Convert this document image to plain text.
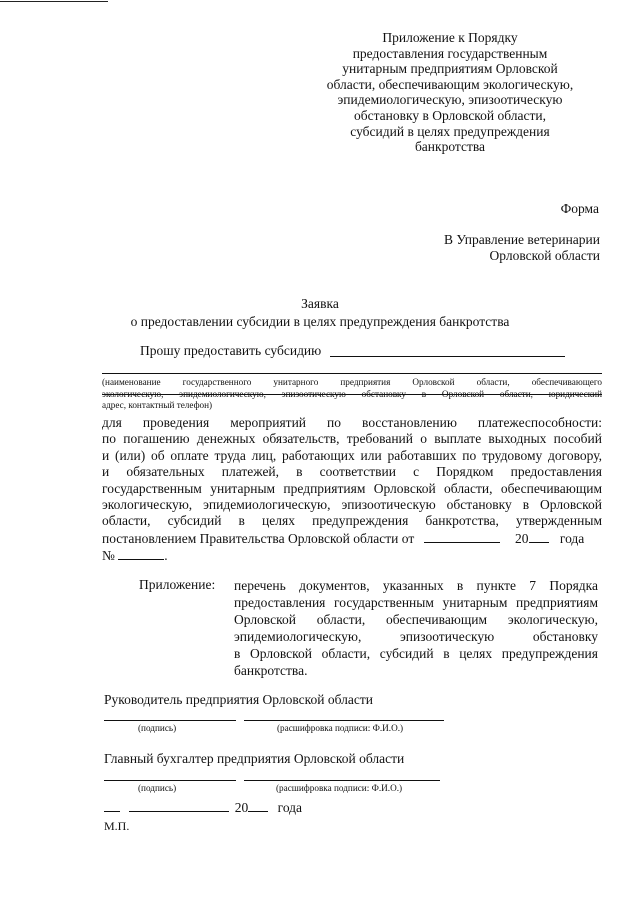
Приложение к Порядку
предоставления государственным
унитарным предприятиям Орловской
области, обеспечивающим экологическую,
эпидемиологическую, эпизоотическую
обстановку в Орловской области,
субсидий в целях предупреждения
банкротства
Форма
В Управление ветеринарии
Орловской области
Заявка
о предоставлении субсидии в целях предупреждения банкротства
Прошу предоставить субсидию
(наименование государственного унитарного предприятия Орловской области, обеспечивающего
экологическую, эпидемиологическую, эпизоотическую обстановку в Орловской области, юридический
адрес, контактный телефон)
для проведения мероприятий по восстановлению платежеспособности:
по погашению денежных обязательств, требований о выплате выходных пособий
и (или) об оплате труда лиц, работающих или работавших по трудовому договору,
и обязательных платежей, в соответствии с Порядком предоставления
государственным унитарным предприятиям Орловской области, обеспечивающим
экологическую, эпидемиологическую, эпизоотическую обстановку в Орловской
области, субсидий в целях предупреждения банкротства, утвержденным
постановлением Правительства Орловской области от	20 года
№	.
Приложение: перечень документов, указанных в пункте 7 Порядка
предоставления государственным унитарным предприятиям
Орловской области, обеспечивающим экологическую,
эпидемиологическую, эпизоотическую обстановку
в Орловской области, субсидий в целях предупреждения
банкротства.
Руководитель предприятия Орловской области
(подпись)	(расшифровка подписи: Ф.И.О.)
Главный бухгалтер предприятия Орловской области
(подпись)	(расшифровка подписи: Ф.И.О.)
20 года
М.П.
